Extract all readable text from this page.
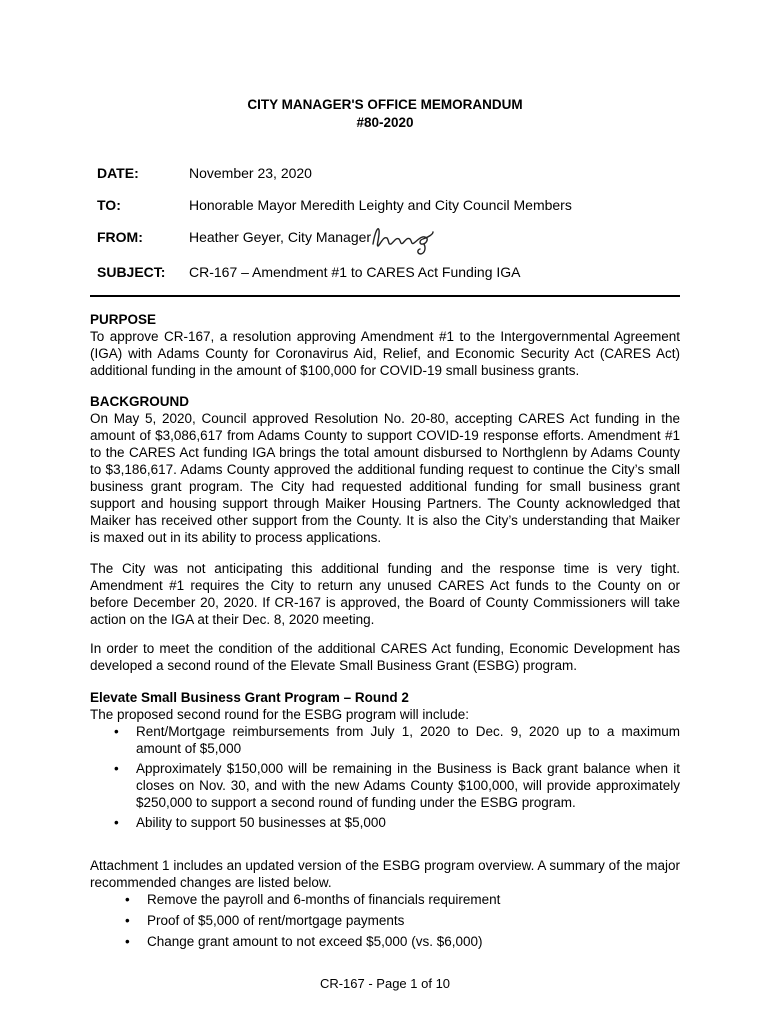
CITY MANAGER'S OFFICE MEMORANDUM
#80-2020
DATE:	November 23, 2020
TO:	Honorable Mayor Meredith Leighty and City Council Members
FROM:	Heather Geyer, City Manager
SUBJECT: CR-167 – Amendment #1 to CARES Act Funding IGA
PURPOSE

To approve CR-167, a resolution approving Amendment #1 to the Intergovernmental Agreement (IGA) with Adams County for Coronavirus Aid, Relief, and Economic Security Act (CARES Act) additional funding in the amount of $100,000 for COVID-19 small business grants.

BACKGROUND

On May 5, 2020, Council approved Resolution No. 20-80, accepting CARES Act funding in the amount of $3,086,617 from Adams County to support COVID-19 response efforts. Amendment #1 to the CARES Act funding IGA brings the total amount disbursed to Northglenn by Adams County to $3,186,617. Adams County approved the additional funding request to continue the City’s small business grant program. The City had requested additional funding for small business grant support and housing support through Maiker Housing Partners. The County acknowledged that Maiker has received other support from the County. It is also the City’s understanding that Maiker is maxed out in its ability to process applications.

The City was not anticipating this additional funding and the response time is very tight. Amendment #1 requires the City to return any unused CARES Act funds to the County on or before December 20, 2020. If CR-167 is approved, the Board of County Commissioners will take action on the IGA at their Dec. 8, 2020 meeting.

In order to meet the condition of the additional CARES Act funding, Economic Development has developed a second round of the Elevate Small Business Grant (ESBG) program.

Elevate Small Business Grant Program – Round 2

The proposed second round for the ESBG program will include:

• Rent/Mortgage reimbursements from July 1, 2020 to Dec. 9, 2020 up to a maximum amount of $5,000
• Approximately $150,000 will be remaining in the Business is Back grant balance when it closes on Nov. 30, and with the new Adams County $100,000, will provide approximately $250,000 to support a second round of funding under the ESBG program.
• Ability to support 50 businesses at $5,000

Attachment 1 includes an updated version of the ESBG program overview. A summary of the major recommended changes are listed below.

• Remove the payroll and 6-months of financials requirement
• Proof of $5,000 of rent/mortgage payments
• Change grant amount to not exceed $5,000 (vs. $6,000)
CR-167 - Page 1 of 10
